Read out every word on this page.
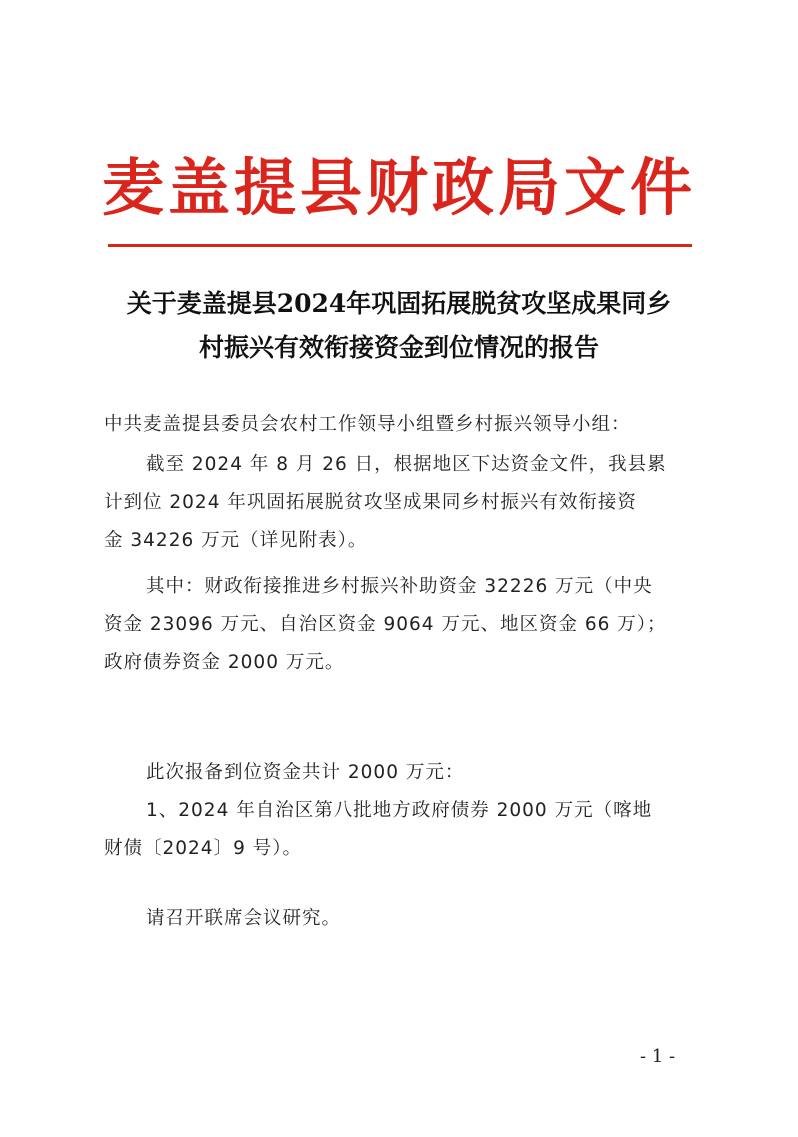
麦盖提县财政局文件
关于麦盖提县2024年巩固拓展脱贫攻坚成果同乡
村振兴有效衔接资金到位情况的报告

中共麦盖提县委员会农村工作领导小组暨乡村振兴领导小组：

截至 2024 年 8 月 26 日，根据地区下达资金文件，我县累

计到位 2024 年巩固拓展脱贫攻坚成果同乡村振兴有效衔接资

金 34226 万元（详见附表）。

其中：财政衔接推进乡村振兴补助资金 32226 万元（中央

资金 23096 万元、自治区资金 9064 万元、地区资金 66 万）；

政府债券资金 2000 万元。

此次报备到位资金共计 2000 万元：

1、2024 年自治区第八批地方政府债券 2000 万元（喀地

财债〔2024〕9 号）。

请召开联席会议研究。

- 1 -
